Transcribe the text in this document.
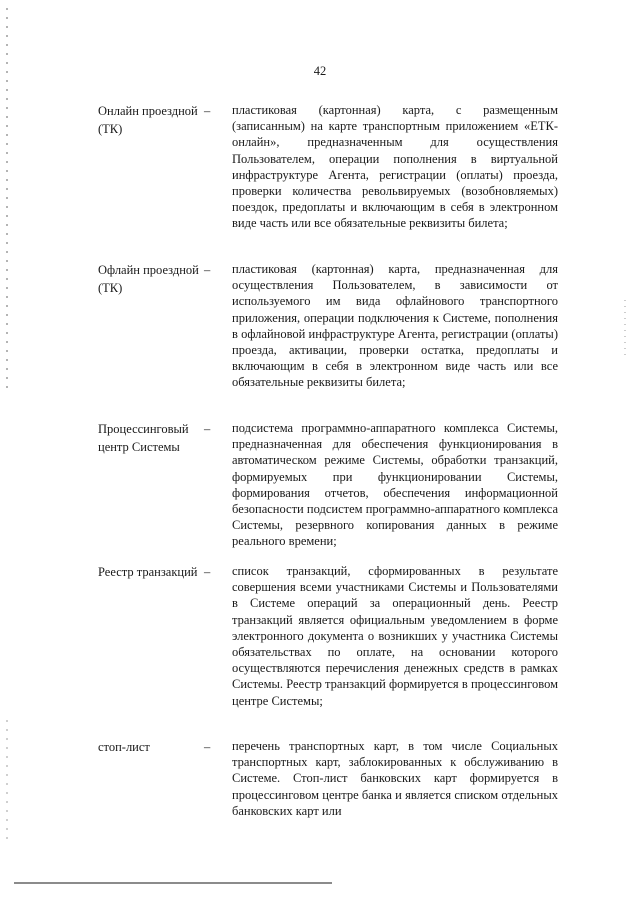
42
Онлайн проездной (ТК)
–	пластиковая (картонная) карта, с размещенным (записанным) на карте транспортным приложением «ЕТК-онлайн», предназначенным для осуществления Пользователем, операции пополнения в виртуальной инфраструктуре Агента, регистрации (оплаты) проезда, проверки количества револьвируемых (возобновляемых) поездок, предоплаты и включающим в себя в электронном виде часть или все обязательные реквизиты билета;
Офлайн проездной (ТК)
–	пластиковая (картонная) карта, предназначенная для осуществления Пользователем, в зависимости от используемого им вида офлайнового транспортного приложения, операции подключения к Системе, пополнения в офлайновой инфраструктуре Агента, регистрации (оплаты) проезда, активации, проверки остатка, предоплаты и включающим в себя в электронном виде часть или все обязательные реквизиты билета;
Процессинговый центр Системы
–	подсистема программно-аппаратного комплекса Системы, предназначенная для обеспечения функционирования в автоматическом режиме Системы, обработки транзакций, формируемых при функционировании Системы, формирования отчетов, обеспечения информационной безопасности подсистем программно-аппаратного комплекса Системы, резервного копирования данных в режиме реального времени;
Реестр транзакций –	список транзакций, сформированных в результате совершения всеми участниками Системы и Пользователями в Системе операций за операционный день. Реестр транзакций является официальным уведомлением в форме электронного документа о возникших у участника Системы обязательствах по оплате, на основании которого осуществляются перечисления денежных средств в рамках Системы. Реестр транзакций формируется в процессинговом центре Системы;
стоп-лист	–	перечень транспортных карт, в том числе Социальных транспортных карт, заблокированных к обслуживанию в Системе. Стоп-лист банковских карт формируется в процессинговом центре банка и является списком отдельных банковских карт или
